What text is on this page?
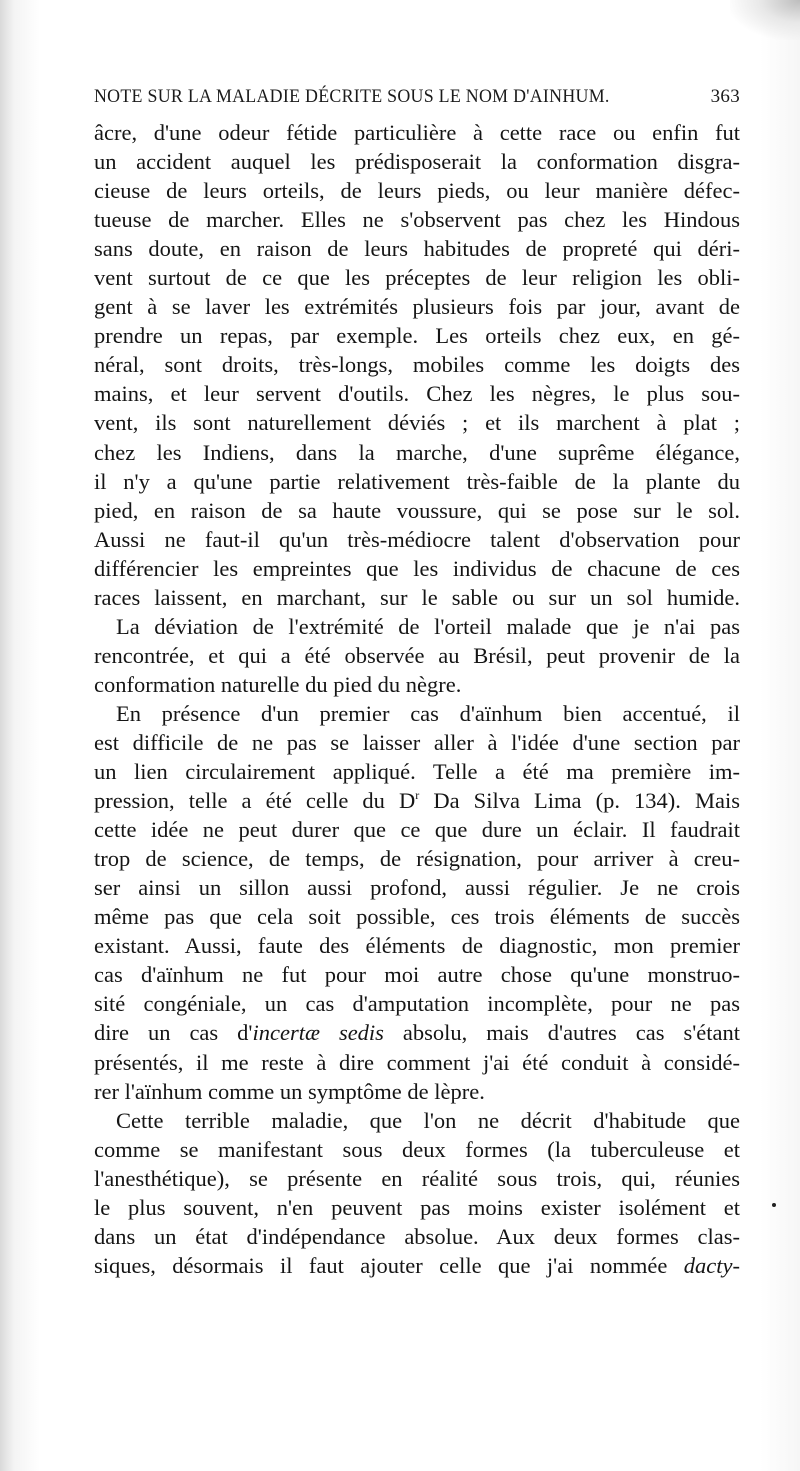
NOTE SUR LA MALADIE DÉCRITE SOUS LE NOM D'AINHUM.	363
âcre, d'une odeur fétide particulière à cette race ou enfin fut
un accident auquel les prédisposerait la conformation disgra-
cieuse de leurs orteils, de leurs pieds, ou leur manière défec-
tueuse de marcher. Elles ne s'observent pas chez les Hindous
sans doute, en raison de leurs habitudes de propreté qui déri-
vent surtout de ce que les préceptes de leur religion les obli-
gent à se laver les extrémités plusieurs fois par jour, avant de
prendre un repas, par exemple. Les orteils chez eux, en gé-
néral, sont droits, très-longs, mobiles comme les doigts des
mains, et leur servent d'outils. Chez les nègres, le plus sou-
vent, ils sont naturellement déviés ; et ils marchent à plat ;
chez les Indiens, dans la marche, d'une suprême élégance,
il n'y a qu'une partie relativement très-faible de la plante du
pied, en raison de sa haute voussure, qui se pose sur le sol.
Aussi ne faut-il qu'un très-médiocre talent d'observation pour
différencier les empreintes que les individus de chacune de ces
races laissent, en marchant, sur le sable ou sur un sol humide.
La déviation de l'extrémité de l'orteil malade que je n'ai pas
rencontrée, et qui a été observée au Brésil, peut provenir de la
conformation naturelle du pied du nègre.
En présence d'un premier cas d'aïnhum bien accentué, il
est difficile de ne pas se laisser aller à l'idée d'une section par
un lien circulairement appliqué. Telle a été ma première im-
pression, telle a été celle du $D^r$ Da Silva Lima (p. 134). Mais
cette idée ne peut durer que ce que dure un éclair. Il faudrait
trop de science, de temps, de résignation, pour arriver à creu-
ser ainsi un sillon aussi profond, aussi régulier. Je ne crois
même pas que cela soit possible, ces trois éléments de succès
existant. Aussi, faute des éléments de diagnostic, mon premier
cas d'aïnhum ne fut pour moi autre chose qu'une monstruo-
sité congéniale, un cas d'amputation incomplète, pour ne pas
dire un cas d'incertæ sedis absolu, mais d'autres cas s'étant
présentés, il me reste à dire comment j'ai été conduit à considé-
rer l'aïnhum comme un symptôme de lèpre.
Cette terrible maladie, que l'on ne décrit d'habitude que
comme se manifestant sous deux formes (la tuberculeuse et
l'anesthétique), se présente en réalité sous trois, qui, réunies
le plus souvent, n'en peuvent pas moins exister isolément et
dans un état d'indépendance absolue. Aux deux formes clas-
siques, désormais il faut ajouter celle que j'ai nommée dacty-
